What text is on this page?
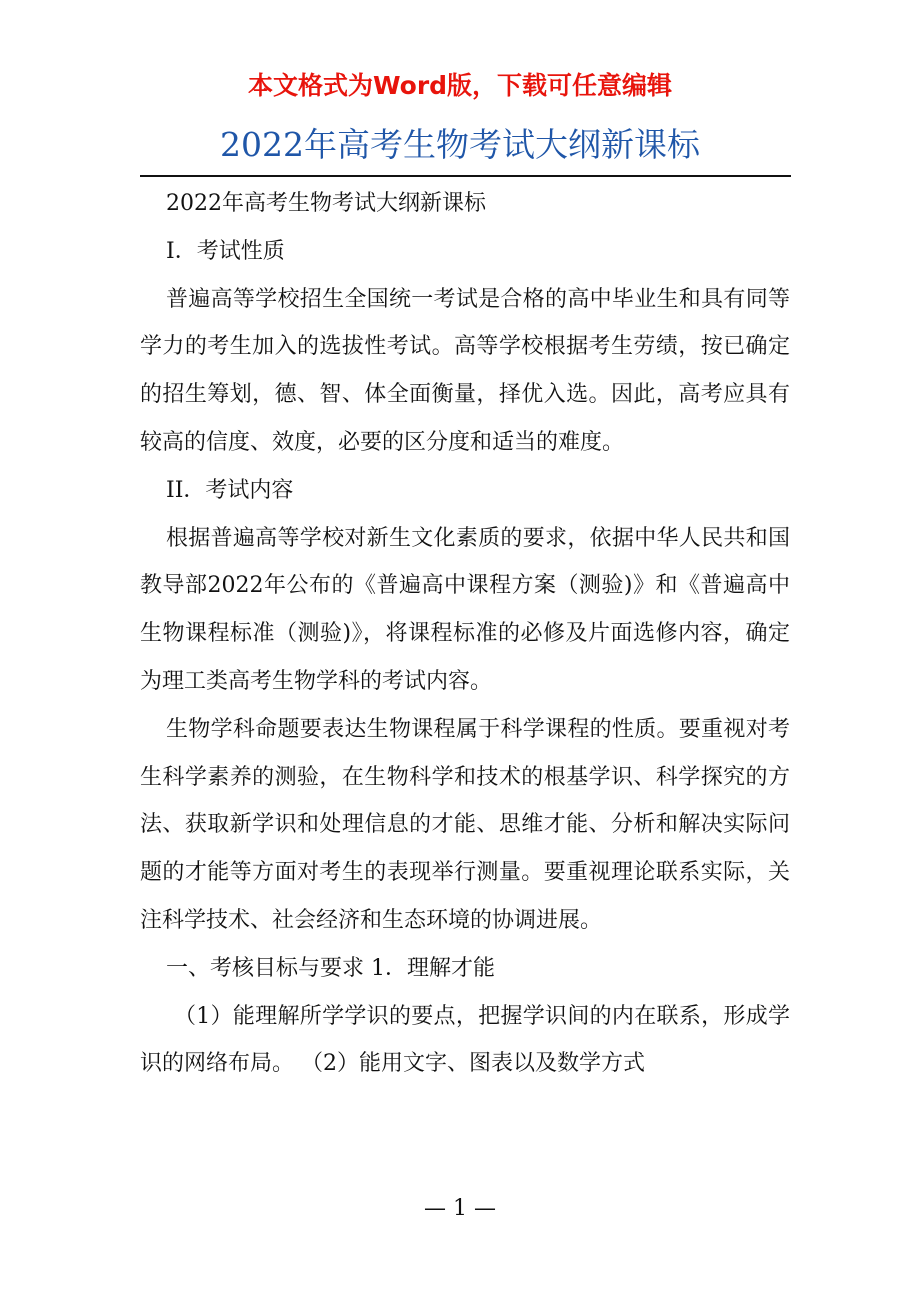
本文格式为Word版，下载可任意编辑
2022年高考生物考试大纲新课标

2022年高考生物考试大纲新课标

I．考试性质

普遍高等学校招生全国统一考试是合格的高中毕业生和具有同等学力的考生加入的选拔性考试。高等学校根据考生劳绩，按已确定的招生筹划，德、智、体全面衡量，择优入选。因此，高考应具有较高的信度、效度，必要的区分度和适当的难度。

II．考试内容

根据普遍高等学校对新生文化素质的要求，依据中华人民共和国教导部2022年公布的《普遍高中课程方案（测验)》和《普遍高中生物课程标准（测验)》，将课程标准的必修及片面选修内容，确定为理工类高考生物学科的考试内容。

生物学科命题要表达生物课程属于科学课程的性质。要重视对考生科学素养的测验，在生物科学和技术的根基学识、科学探究的方法、获取新学识和处理信息的才能、思维才能、分析和解决实际问题的才能等方面对考生的表现举行测量。要重视理论联系实际，关注科学技术、社会经济和生态环境的协调进展。

一、考核目标与要求 1．理解才能

（1）能理解所学学识的要点，把握学识间的内在联系，形成学识的网络布局。 （2）能用文字、图表以及数学方式

— 1 —
